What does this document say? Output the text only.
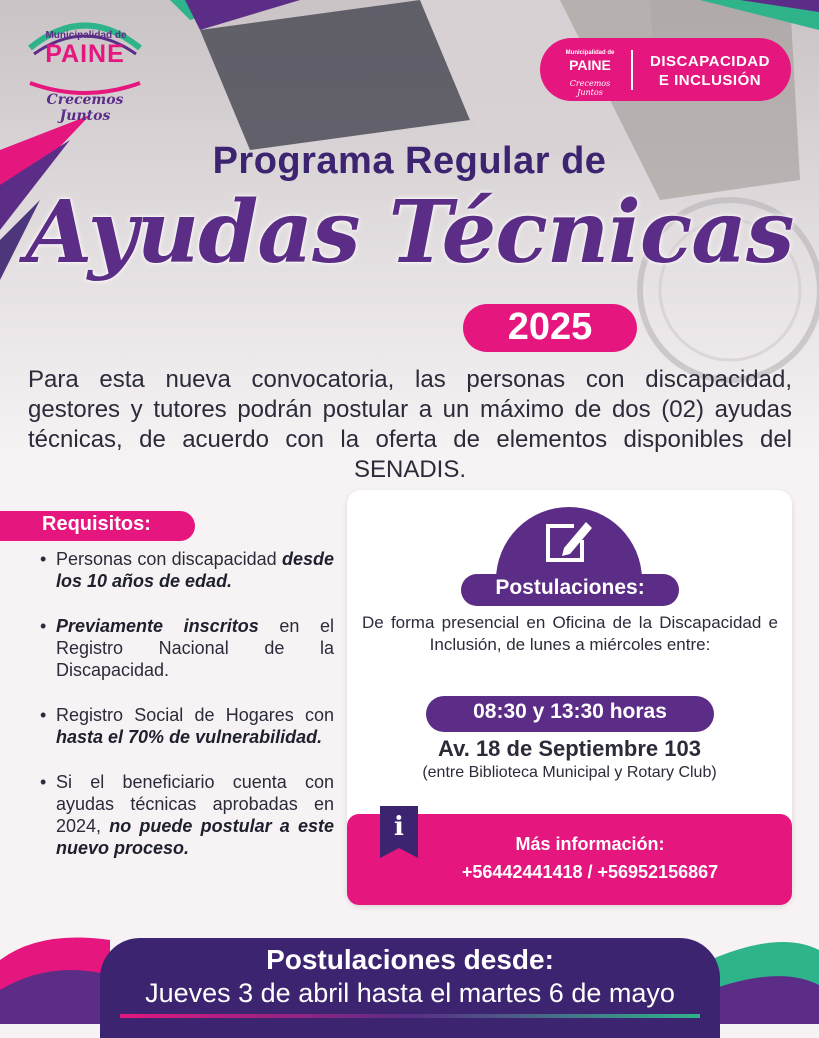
Municipalidad de
PAINE
Crecemos Juntos
Municipalidad de
PAINE
Crecemos Juntos
DISCAPACIDAD
E INCLUSIÓN
Programa Regular de
Ayudas Técnicas
2025
Para esta nueva convocatoria, las personas con discapacidad, gestores y tutores podrán postular a un máximo de dos (02) ayudas técnicas, de acuerdo con la oferta de elementos disponibles del SENADIS.
Requisitos:
• Personas con discapacidad desde los 10 años de edad.
• Previamente inscritos en el Registro Nacional de la Discapacidad.
• Registro Social de Hogares con hasta el 70% de vulnerabilidad.
• Si el beneficiario cuenta con ayudas técnicas aprobadas en 2024, no puede postular a este nuevo proceso.
Postulaciones:
De forma presencial en Oficina de la Discapacidad e Inclusión, de lunes a miércoles entre:
08:30 y 13:30 horas
Av. 18 de Septiembre 103
(entre Biblioteca Municipal y Rotary Club)
i
Más información:
+56442441418 / +56952156867
Postulaciones desde:
Jueves 3 de abril hasta el martes 6 de mayo
